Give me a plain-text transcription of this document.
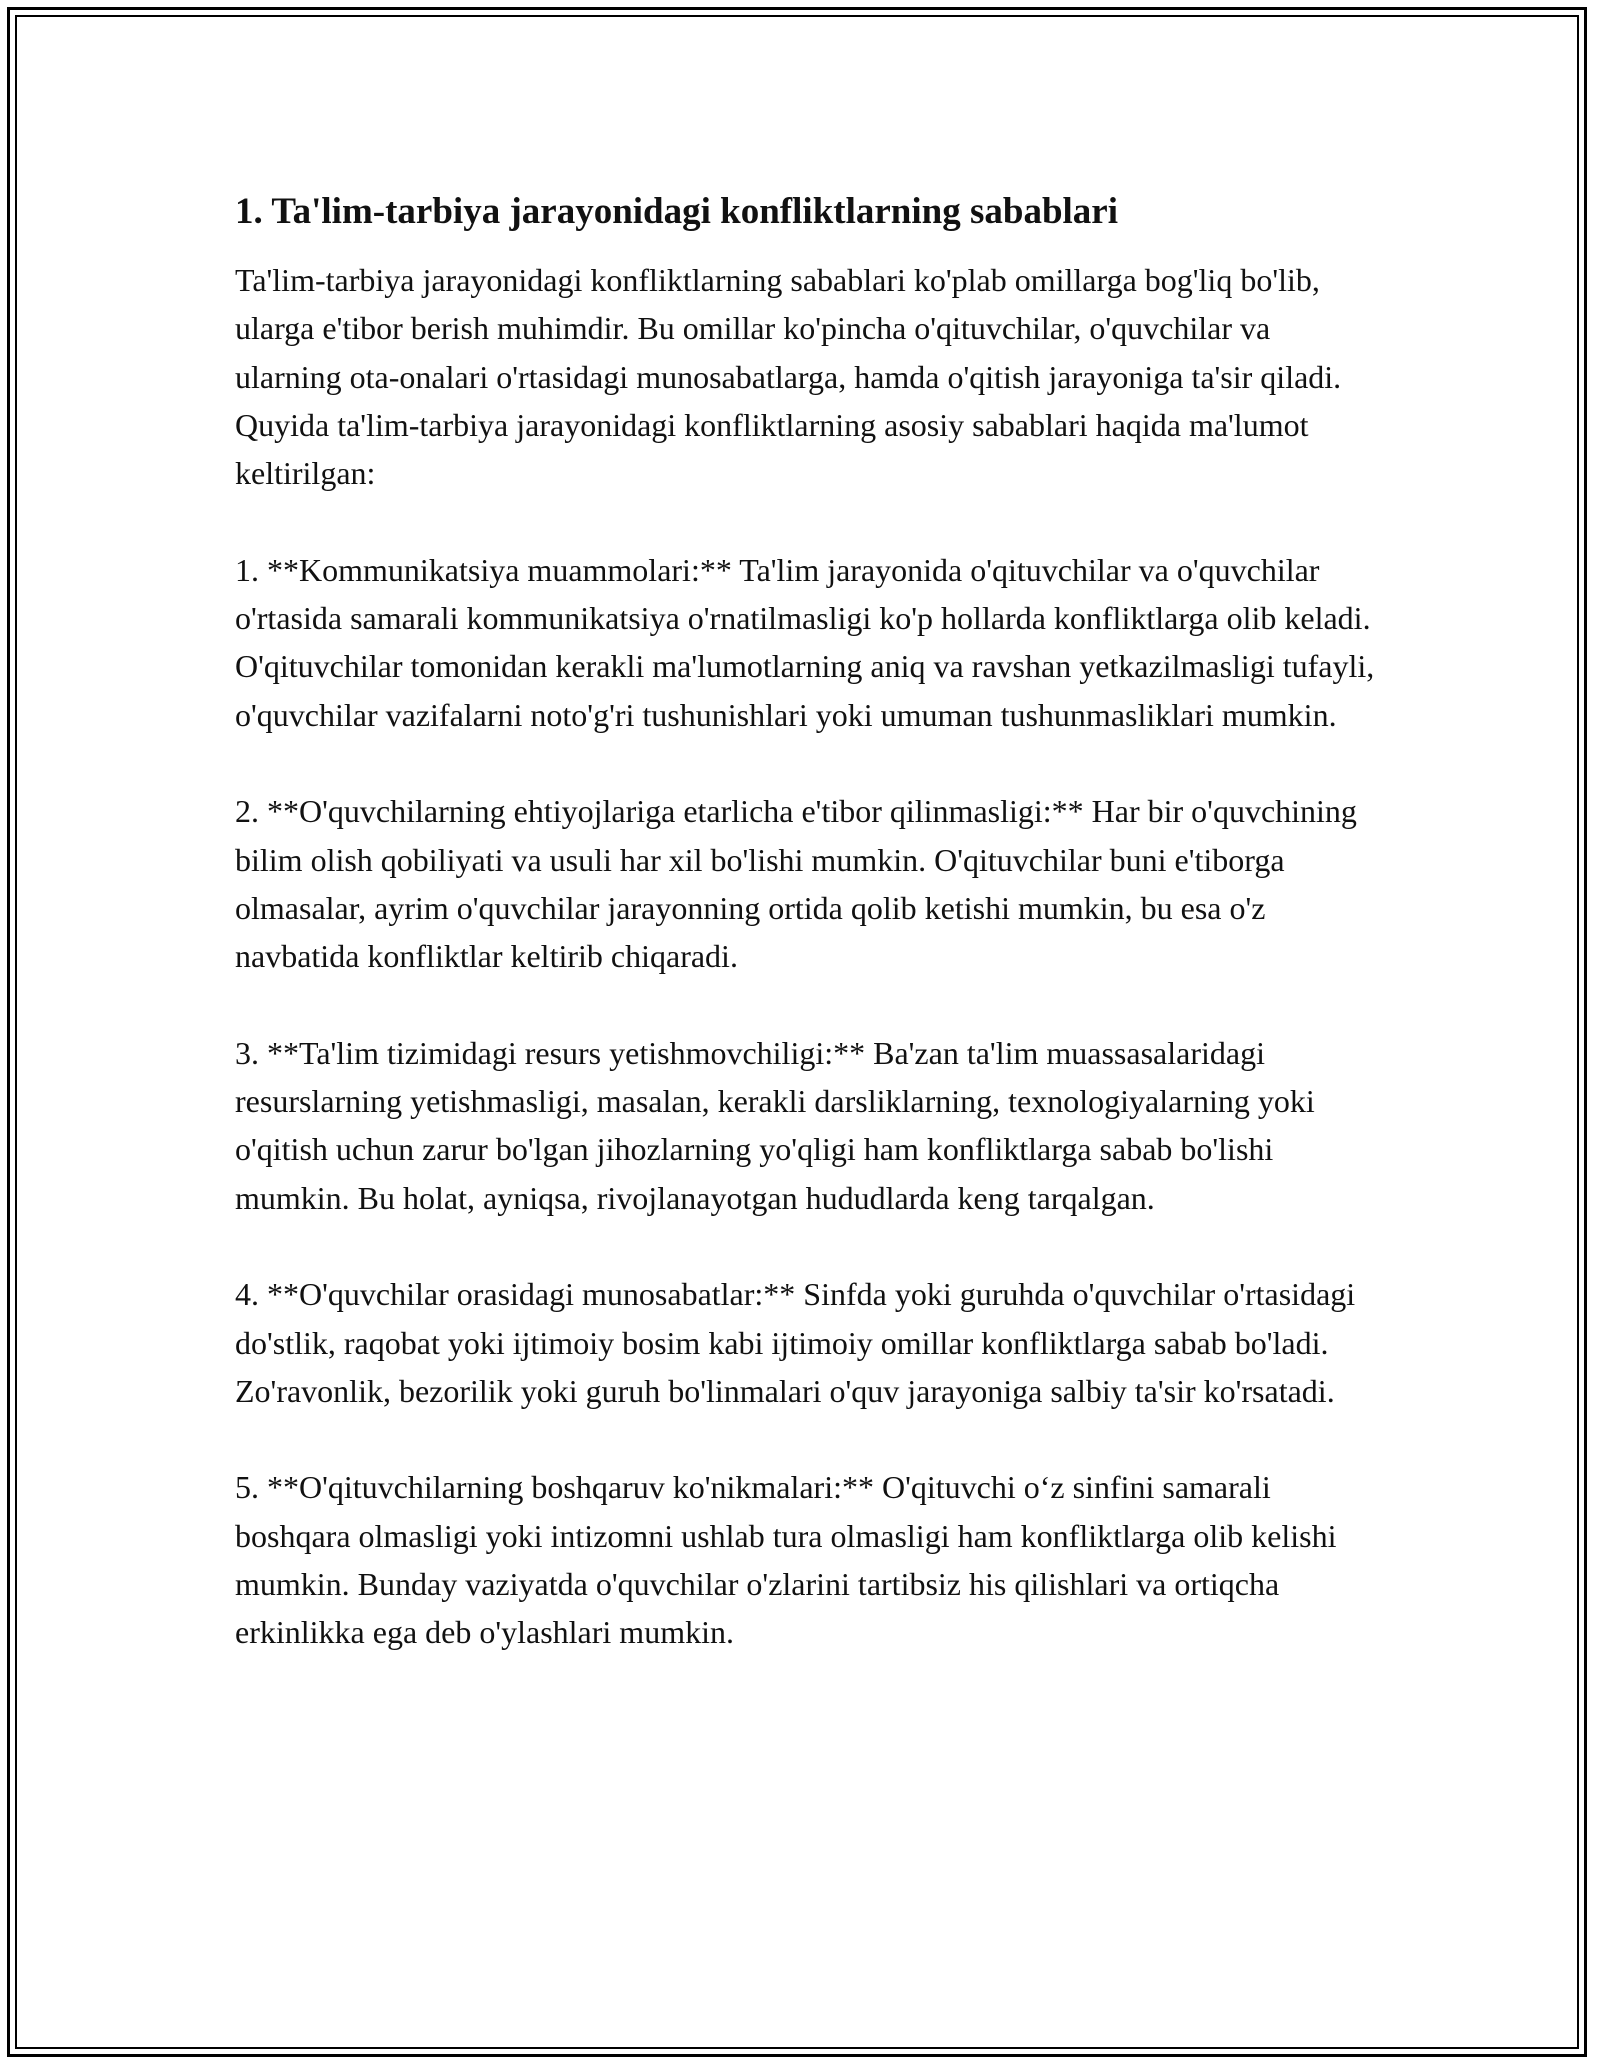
1. Ta'lim-tarbiya jarayonidagi konfliktlarning sabablari

Ta'lim-tarbiya jarayonidagi konfliktlarning sabablari ko'plab omillarga bog'liq bo'lib, ularga e'tibor berish muhimdir. Bu omillar ko'pincha o'qituvchilar, o'quvchilar va ularning ota-onalari o'rtasidagi munosabatlarga, hamda o'qitish jarayoniga ta'sir qiladi. Quyida ta'lim-tarbiya jarayonidagi konfliktlarning asosiy sabablari haqida ma'lumot keltirilgan:

1. **Kommunikatsiya muammolari:** Ta'lim jarayonida o'qituvchilar va o'quvchilar o'rtasida samarali kommunikatsiya o'rnatilmasligi ko'p hollarda konfliktlarga olib keladi. O'qituvchilar tomonidan kerakli ma'lumotlarning aniq va ravshan yetkazilmasligi tufayli, o'quvchilar vazifalarni noto'g'ri tushunishlari yoki umuman tushunmasliklari mumkin.

2. **O'quvchilarning ehtiyojlariga etarlicha e'tibor qilinmasligi:** Har bir o'quvchining bilim olish qobiliyati va usuli har xil bo'lishi mumkin. O'qituvchilar buni e'tiborga olmasalar, ayrim o'quvchilar jarayonning ortida qolib ketishi mumkin, bu esa o'z navbatida konfliktlar keltirib chiqaradi.

3. **Ta'lim tizimidagi resurs yetishmovchiligi:** Ba'zan ta'lim muassasalaridagi resurslarning yetishmasligi, masalan, kerakli darsliklarning, texnologiyalarning yoki o'qitish uchun zarur bo'lgan jihozlarning yo'qligi ham konfliktlarga sabab bo'lishi mumkin. Bu holat, ayniqsa, rivojlanayotgan hududlarda keng tarqalgan.

4. **O'quvchilar orasidagi munosabatlar:** Sinfda yoki guruhda o'quvchilar o'rtasidagi do'stlik, raqobat yoki ijtimoiy bosim kabi ijtimoiy omillar konfliktlarga sabab bo'ladi. Zo'ravonlik, bezorilik yoki guruh bo'linmalari o'quv jarayoniga salbiy ta'sir ko'rsatadi.

5. **O'qituvchilarning boshqaruv ko'nikmalari:** O'qituvchi o‘z sinfini samarali boshqara olmasligi yoki intizomni ushlab tura olmasligi ham konfliktlarga olib kelishi mumkin. Bunday vaziyatda o'quvchilar o'zlarini tartibsiz his qilishlari va ortiqcha erkinlikka ega deb o'ylashlari mumkin.
